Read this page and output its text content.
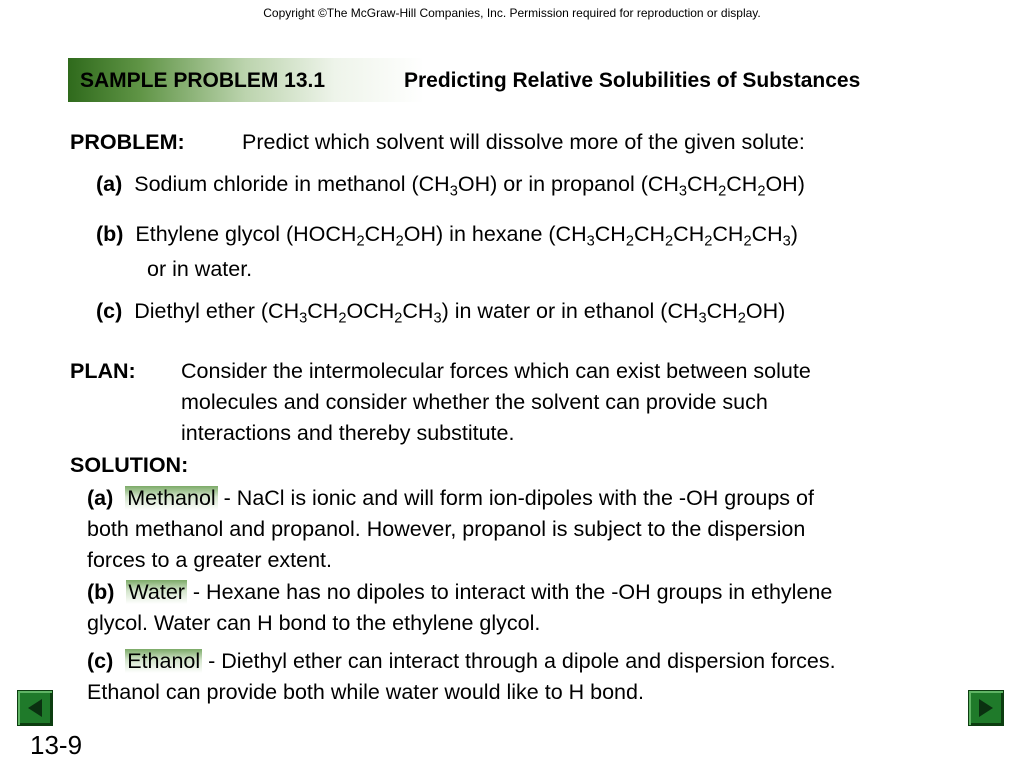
Copyright ©The McGraw-Hill Companies, Inc. Permission required for reproduction or display.
SAMPLE PROBLEM 13.1	Predicting Relative Solubilities of Substances
PROBLEM:	Predict which solvent will dissolve more of the given solute:
(a)  Sodium chloride in methanol $(CH_3OH)$ or in propanol $(CH_3CH_2CH_2OH)$
(b)  Ethylene glycol $(HOCH_2CH_2OH)$ in hexane $(CH_3CH_2CH_2CH_2CH_2CH_3)$
or in water.
(c)  Diethyl ether $(CH_3CH_2OCH_2CH_3)$ in water or in ethanol $(CH_3CH_2OH)$
PLAN: Consider the intermolecular forces which can exist between solute
molecules and consider whether the solvent can provide such
interactions and thereby substitute.
SOLUTION:
(a) Methanol - NaCl is ionic and will form ion-dipoles with the -OH groups of
both methanol and propanol. However, propanol is subject to the dispersion
forces to a greater extent.
(b) Water - Hexane has no dipoles to interact with the -OH groups in ethylene
glycol. Water can H bond to the ethylene glycol.
(c) Ethanol - Diethyl ether can interact through a dipole and dispersion forces.
Ethanol can provide both while water would like to H bond.
13-9
